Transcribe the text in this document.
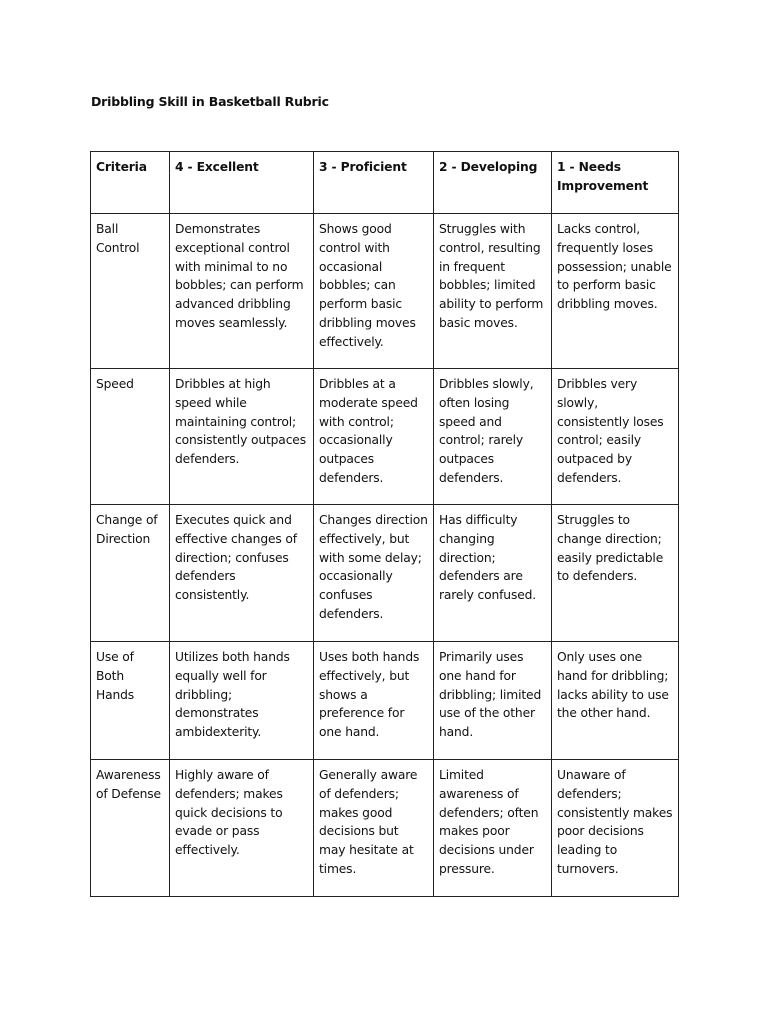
Dribbling Skill in Basketball Rubric
Criteria	4 - Excellent	3 - Proficient	2 - Developing	1 - Needs Improvement
Ball Control	Demonstrates exceptional control with minimal to no bobbles; can perform advanced dribbling moves seamlessly.	Shows good control with occasional bobbles; can perform basic dribbling moves effectively.	Struggles with control, resulting in frequent bobbles; limited ability to perform basic moves.	Lacks control, frequently loses possession; unable to perform basic dribbling moves.
Speed	Dribbles at high speed while maintaining control; consistently outpaces defenders.	Dribbles at a moderate speed with control; occasionally outpaces defenders.	Dribbles slowly, often losing speed and control; rarely outpaces defenders.	Dribbles very slowly, consistently loses control; easily outpaced by defenders.
Change of Direction	Executes quick and effective changes of direction; confuses defenders consistently.	Changes direction effectively, but with some delay; occasionally confuses defenders.	Has difficulty changing direction; defenders are rarely confused.	Struggles to change direction; easily predictable to defenders.
Use of Both Hands	Utilizes both hands equally well for dribbling; demonstrates ambidexterity.	Uses both hands effectively, but shows a preference for one hand.	Primarily uses one hand for dribbling; limited use of the other hand.	Only uses one hand for dribbling; lacks ability to use the other hand.
Awareness of Defense	Highly aware of defenders; makes quick decisions to evade or pass effectively.	Generally aware of defenders; makes good decisions but may hesitate at times.	Limited awareness of defenders; often makes poor decisions under pressure.	Unaware of defenders; consistently makes poor decisions leading to turnovers.
